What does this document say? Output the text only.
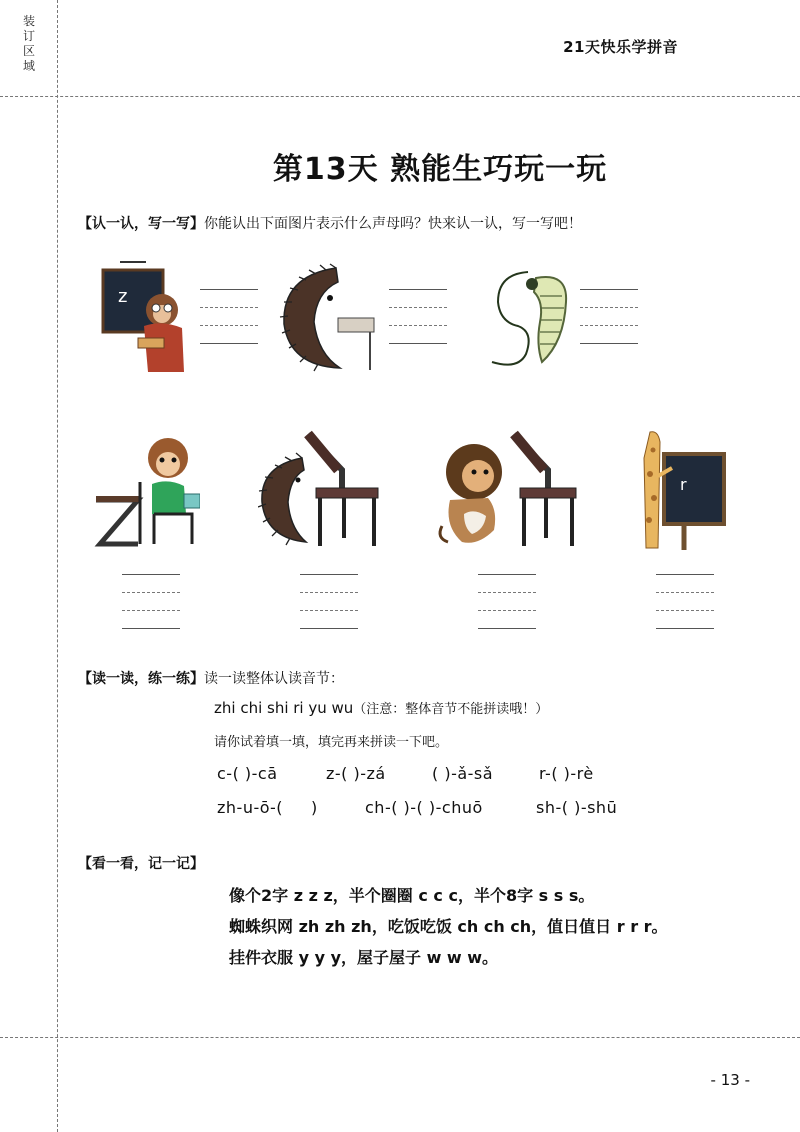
装
订
区
域
21天快乐学拼音
第13天 熟能生巧玩一玩
【认一认，写一写】你能认出下面图片表示什么声母吗？快来认一认，写一写吧！
z
r
【读一读，练一练】读一读整体认读音节：
zhi chi shi ri yu wu（注意：整体音节不能拼读哦！）
请你试着填一填，填完再来拼读一下吧。
c-( )-cā	z-( )-zá	( )-ǎ-sǎ	r-( )-rè
zh-u-ō-(     )	ch-( )-( )-chuō	sh-( )-shū
【看一看，记一记】
像个2字 z z z，半个圈圈 c c c，半个8字 s s s。
蜘蛛织网 zh zh zh，吃饭吃饭 ch ch ch，值日值日 r r r。
挂件衣服 y y y，屋子屋子 w w w。
- 13 -
